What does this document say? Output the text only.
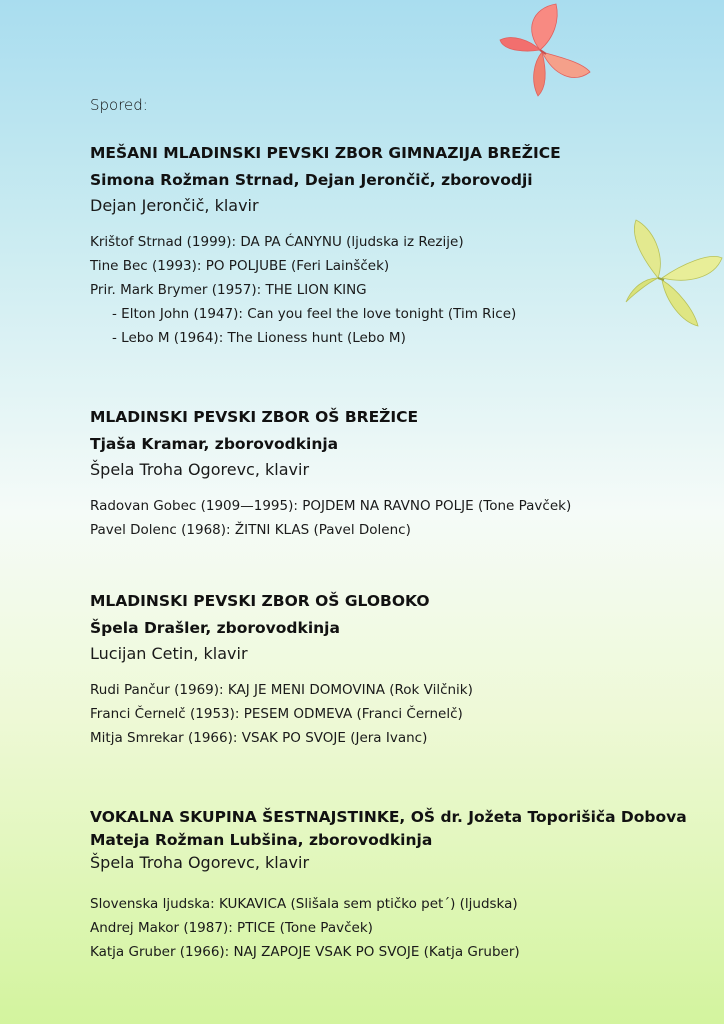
Spored:
MEŠANI MLADINSKI PEVSKI ZBOR GIMNAZIJA BREŽICE
Simona Rožman Strnad, Dejan Jerončič, zborovodji
Dejan Jerončič, klavir
Krištof Strnad (1999): DA PA ĆANYNU (ljudska iz Rezije)
Tine Bec (1993): PO POLJUBE (Feri Lainšček)
Prir. Mark Brymer (1957): THE LION KING
- Elton John (1947): Can you feel the love tonight (Tim Rice)
- Lebo M (1964): The Lioness hunt (Lebo M)
MLADINSKI PEVSKI ZBOR OŠ BREŽICE
Tjaša Kramar, zborovodkinja
Špela Troha Ogorevc, klavir
Radovan Gobec (1909—1995): POJDEM NA RAVNO POLJE (Tone Pavček)
Pavel Dolenc (1968): ŽITNI KLAS (Pavel Dolenc)
MLADINSKI PEVSKI ZBOR OŠ GLOBOKO
Špela Drašler, zborovodkinja
Lucijan Cetin, klavir
Rudi Pančur (1969): KAJ JE MENI DOMOVINA (Rok Vilčnik)
Franci Černelč (1953): PESEM ODMEVA (Franci Černelč)
Mitja Smrekar (1966): VSAK PO SVOJE (Jera Ivanc)
VOKALNA SKUPINA ŠESTNAJSTINKE, OŠ dr. Jožeta Toporišiča Dobova
Mateja Rožman Lubšina, zborovodkinja
Špela Troha Ogorevc, klavir
Slovenska ljudska: KUKAVICA (Slišala sem ptičko pet´) (ljudska)
Andrej Makor (1987): PTICE (Tone Pavček)
Katja Gruber (1966): NAJ ZAPOJE VSAK PO SVOJE (Katja Gruber)
